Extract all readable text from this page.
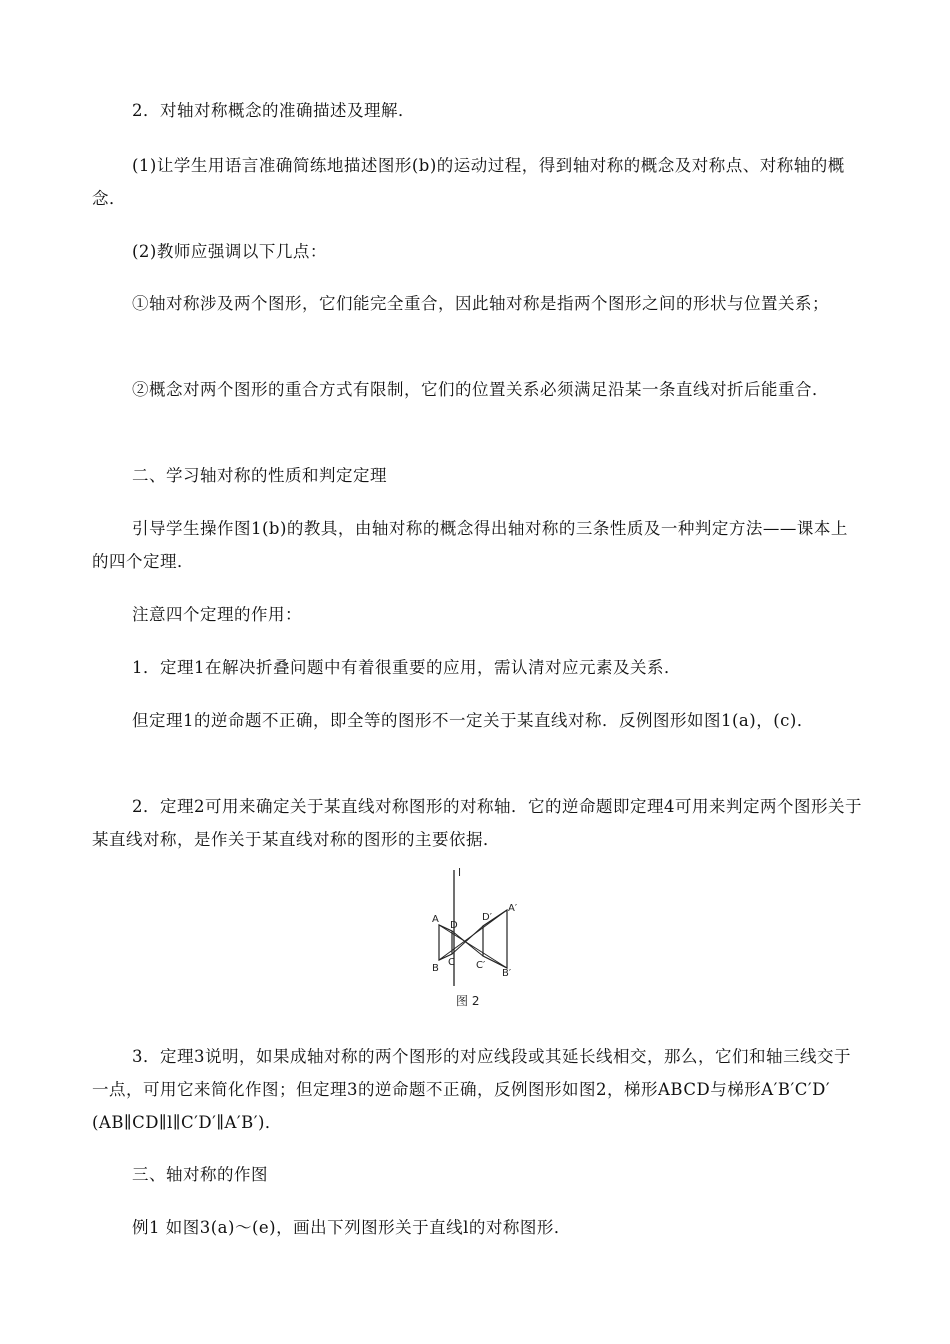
2．对轴对称概念的准确描述及理解．

(1)让学生用语言准确简练地描述图形(b)的运动过程，得到轴对称的概念及对称点、对称轴的概念．

(2)教师应强调以下几点：

①轴对称涉及两个图形，它们能完全重合，因此轴对称是指两个图形之间的形状与位置关系；

②概念对两个图形的重合方式有限制，它们的位置关系必须满足沿某一条直线对折后能重合．

二、学习轴对称的性质和判定定理

引导学生操作图1(b)的教具，由轴对称的概念得出轴对称的三条性质及一种判定方法——课本上的四个定理．

注意四个定理的作用：

1．定理1在解决折叠问题中有着很重要的应用，需认清对应元素及关系．

但定理1的逆命题不正确，即全等的图形不一定关于某直线对称．反例图形如图1(a)，(c)．

2．定理2可用来确定关于某直线对称图形的对称轴．它的逆命题即定理4可用来判定两个图形关于某直线对称，是作关于某直线对称的图形的主要依据．

l
A
B
C
D
A′
B′
C′
D′
图 2

3．定理3说明，如果成轴对称的两个图形的对应线段或其延长线相交，那么，它们和轴三线交于一点，可用它来简化作图；但定理3的逆命题不正确，反例图形如图2，梯形ABCD与梯形A′B′C′D′(AB∥CD∥l∥C′D′∥A′B′)．

三、轴对称的作图

例1 如图3(a)～(e)，画出下列图形关于直线l的对称图形．
